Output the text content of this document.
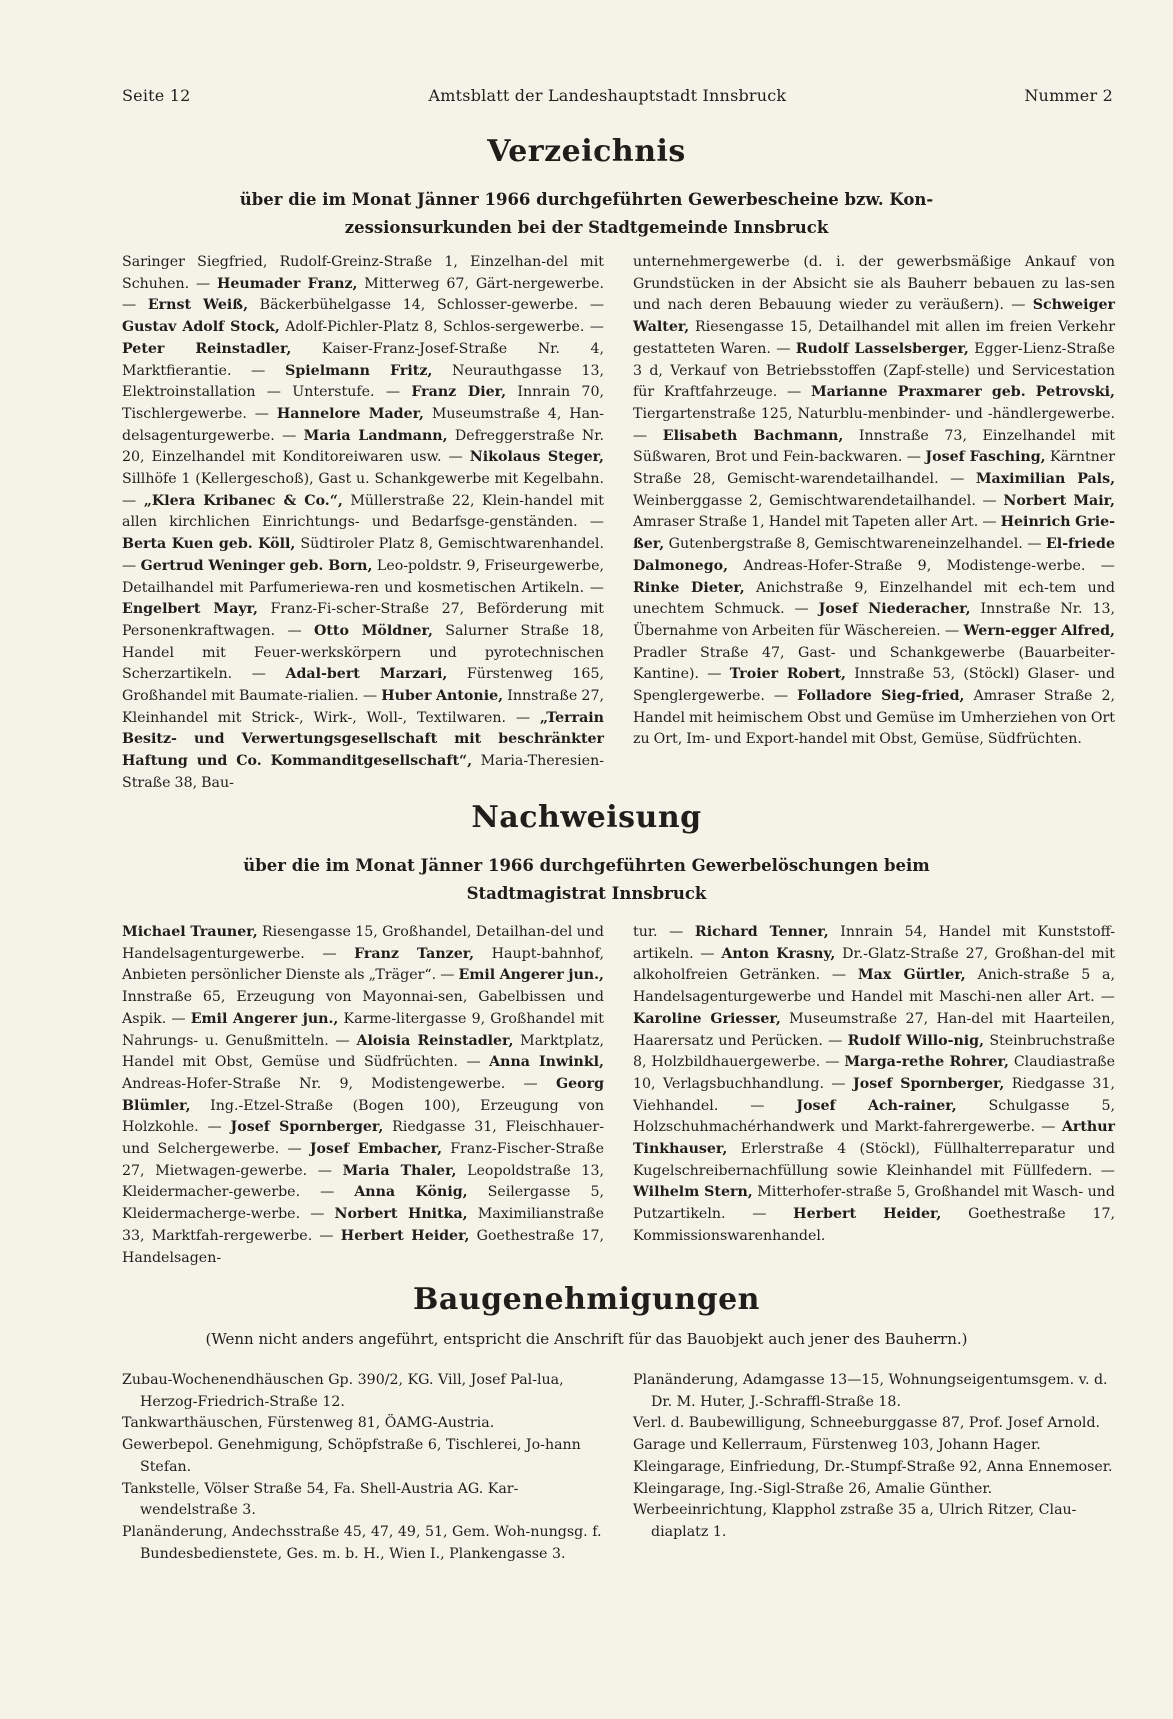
Seite 12	Amtsblatt der Landeshauptstadt Innsbruck	Nummer 2
Verzeichnis
über die im Monat Jänner 1966 durchgeführten Gewerbescheine bzw. Kon-
zessionsurkunden bei der Stadtgemeinde Innsbruck
Saringer Siegfried, Rudolf-Greinz-Straße 1, Einzelhan-del mit Schuhen. — Heumader Franz, Mitterweg 67, Gärt-nergewerbe. — Ernst Weiß, Bäckerbühelgasse 14, Schlosser-gewerbe. — Gustav Adolf Stock, Adolf-Pichler-Platz 8, Schlos-sergewerbe. — Peter Reinstadler, Kaiser-Franz-Josef-Straße Nr. 4, Marktfierantie. — Spielmann Fritz, Neurauthgasse 13, Elektroinstallation — Unterstufe. — Franz Dier, Innrain 70, Tischlergewerbe. — Hannelore Mader, Museumstraße 4, Han-delsagenturgewerbe. — Maria Landmann, Defreggerstraße Nr. 20, Einzelhandel mit Konditoreiwaren usw. — Nikolaus Steger, Sillhöfe 1 (Kellergeschoß), Gast u. Schankgewerbe mit Kegelbahn. — „Klera Kribanec & Co.“, Müllerstraße 22, Klein-handel mit allen kirchlichen Einrichtungs- und Bedarfsge-genständen. — Berta Kuen geb. Köll, Südtiroler Platz 8, Gemischtwarenhandel. — Gertrud Weninger geb. Born, Leo-poldstr. 9, Friseurgewerbe, Detailhandel mit Parfumeriewa-ren und kosmetischen Artikeln. — Engelbert Mayr, Franz-Fi-scher-Straße 27, Beförderung mit Personenkraftwagen. — Otto Möldner, Salurner Straße 18, Handel mit Feuer-werkskörpern und pyrotechnischen Scherzartikeln. — Adal-bert Marzari, Fürstenweg 165, Großhandel mit Baumate-rialien. — Huber Antonie, Innstraße 27, Kleinhandel mit Strick-, Wirk-, Woll-, Textilwaren. — „Terrain Besitz- und Verwertungsgesellschaft mit beschränkter Haftung und Co. Kommanditgesellschaft“, Maria-Theresien-Straße 38, Bau-
unternehmergewerbe (d. i. der gewerbsmäßige Ankauf von Grundstücken in der Absicht sie als Bauherr bebauen zu las-sen und nach deren Bebauung wieder zu veräußern). — Schweiger Walter, Riesengasse 15, Detailhandel mit allen im freien Verkehr gestatteten Waren. — Rudolf Lasselsberger, Egger-Lienz-Straße 3 d, Verkauf von Betriebsstoffen (Zapf-stelle) und Servicestation für Kraftfahrzeuge. — Marianne Praxmarer geb. Petrovski, Tiergartenstraße 125, Naturblu-menbinder- und -händlergewerbe. — Elisabeth Bachmann, Innstraße 73, Einzelhandel mit Süßwaren, Brot und Fein-backwaren. — Josef Fasching, Kärntner Straße 28, Gemischt-warendetailhandel. — Maximilian Pals, Weinberggasse 2, Gemischtwarendetailhandel. — Norbert Mair, Amraser Straße 1, Handel mit Tapeten aller Art. — Heinrich Grie-ßer, Gutenbergstraße 8, Gemischtwareneinzelhandel. — El-friede Dalmonego, Andreas-Hofer-Straße 9, Modistenge-werbe. — Rinke Dieter, Anichstraße 9, Einzelhandel mit ech-tem und unechtem Schmuck. — Josef Niederacher, Innstraße Nr. 13, Übernahme von Arbeiten für Wäschereien. — Wern-egger Alfred, Pradler Straße 47, Gast- und Schankgewerbe (Bauarbeiter-Kantine). — Troier Robert, Innstraße 53, (Stöckl) Glaser- und Spenglergewerbe. — Folladore Sieg-fried, Amraser Straße 2, Handel mit heimischem Obst und Gemüse im Umherziehen von Ort zu Ort, Im- und Export-handel mit Obst, Gemüse, Südfrüchten.
Nachweisung
über die im Monat Jänner 1966 durchgeführten Gewerbelöschungen beim
Stadtmagistrat Innsbruck
Michael Trauner, Riesengasse 15, Großhandel, Detailhan-del und Handelsagenturgewerbe. — Franz Tanzer, Haupt-bahnhof, Anbieten persönlicher Dienste als „Träger“. — Emil Angerer jun., Innstraße 65, Erzeugung von Mayonnai-sen, Gabelbissen und Aspik. — Emil Angerer jun., Karme-litergasse 9, Großhandel mit Nahrungs- u. Genußmitteln. — Aloisia Reinstadler, Marktplatz, Handel mit Obst, Gemüse und Südfrüchten. — Anna Inwinkl, Andreas-Hofer-Straße Nr. 9, Modistengewerbe. — Georg Blümler, Ing.-Etzel-Straße (Bogen 100), Erzeugung von Holzkohle. — Josef Spornberger, Riedgasse 31, Fleischhauer- und Selchergewerbe. — Josef Embacher, Franz-Fischer-Straße 27, Mietwagen-gewerbe. — Maria Thaler, Leopoldstraße 13, Kleidermacher-gewerbe. — Anna König, Seilergasse 5, Kleidermacherge-werbe. — Norbert Hnitka, Maximilianstraße 33, Marktfah-rergewerbe. — Herbert Heider, Goethestraße 17, Handelsagen-
tur. — Richard Tenner, Innrain 54, Handel mit Kunststoff-artikeln. — Anton Krasny, Dr.-Glatz-Straße 27, Großhan-del mit alkoholfreien Getränken. — Max Gürtler, Anich-straße 5 a, Handelsagenturgewerbe und Handel mit Maschi-nen aller Art. — Karoline Griesser, Museumstraße 27, Han-del mit Haarteilen, Haarersatz und Perücken. — Rudolf Willo-nig, Steinbruchstraße 8, Holzbildhauergewerbe. — Marga-rethe Rohrer, Claudiastraße 10, Verlagsbuchhandlung. — Josef Spornberger, Riedgasse 31, Viehhandel. — Josef Ach-rainer, Schulgasse 5, Holzschuhmachérhandwerk und Markt-fahrergewerbe. — Arthur Tinkhauser, Erlerstraße 4 (Stöckl), Füllhalterreparatur und Kugelschreibernachfüllung sowie Kleinhandel mit Füllfedern. — Wilhelm Stern, Mitterhofer-straße 5, Großhandel mit Wasch- und Putzartikeln. — Herbert Heider, Goethestraße 17, Kommissionswarenhandel.
Baugenehmigungen
(Wenn nicht anders angeführt, entspricht die Anschrift für das Bauobjekt auch jener des Bauherrn.)

Zubau-Wochenendhäuschen Gp. 390/2, KG. Vill, Josef Pal-lua, Herzog-Friedrich-Straße 12.

Tankwarthäuschen, Fürstenweg 81, ÖAMG-Austria.

Gewerbepol. Genehmigung, Schöpfstraße 6, Tischlerei, Jo-hann Stefan.

Tankstelle, Völser Straße 54, Fa. Shell-Austria AG. Kar-wendelstraße 3.

Planänderung, Andechsstraße 45, 47, 49, 51, Gem. Woh-nungsg. f. Bundesbedienstete, Ges. m. b. H., Wien I., Plankengasse 3.

Planänderung, Adamgasse 13—15, Wohnungseigentumsgem. v. d. Dr. M. Huter, J.-Schraffl-Straße 18.

Verl. d. Baubewilligung, Schneeburggasse 87, Prof. Josef Arnold.

Garage und Kellerraum, Fürstenweg 103, Johann Hager.

Kleingarage, Einfriedung, Dr.-Stumpf-Straße 92, Anna Ennemoser.

Kleingarage, Ing.-Sigl-Straße 26, Amalie Günther.

Werbeeinrichtung, Klapphol zstraße 35 a, Ulrich Ritzer, Clau-diaplatz 1.
